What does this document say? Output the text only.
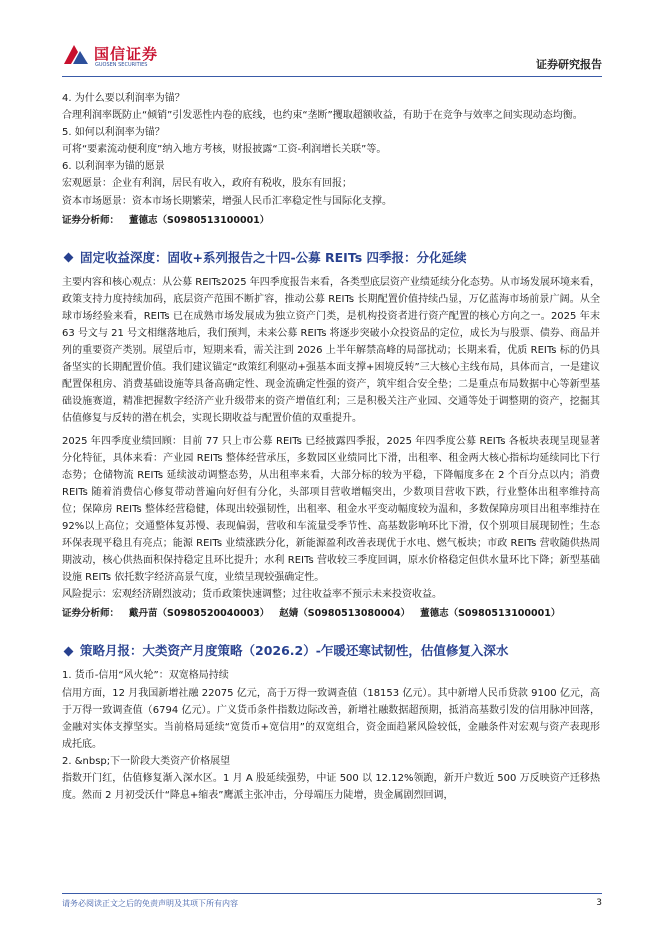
国信证券
GUOSEN SECURITIES	证券研究报告

4. 为什么要以利润率为锚？

合理利润率既防止“倾销”引发恶性内卷的底线，也约束“垄断”攫取超额收益，有助于在竞争与效率之间实现动态均衡。

5. 如何以利润率为锚？

可将“要素流动便利度”纳入地方考核，财报披露“工资-利润增长关联”等。

6. 以利润率为锚的愿景

宏观愿景：企业有利润，居民有收入，政府有税收，股东有回报；

资本市场愿景：资本市场长期繁荣，增强人民币汇率稳定性与国际化支撑。

证券分析师： 董德志（S0980513100001）
固定收益深度：固收+系列报告之十四-公募 REITs 四季报：分化延续

主要内容和核心观点：从公募 REITs2025 年四季度报告来看，各类型底层资产业绩延续分化态势。从市场发展环境来看，政策支持力度持续加码，底层资产范围不断扩容，推动公募 REITs 长期配置价值持续凸显，万亿蓝海市场前景广阔。从全球市场经验来看，REITs 已在成熟市场发展成为独立资产门类，是机构投资者进行资产配置的核心方向之一。2025 年末 63 号文与 21 号文相继落地后，我们预判，未来公募 REITs 将逐步突破小众投资品的定位，成长为与股票、债券、商品并列的重要资产类别。展望后市，短期来看，需关注到 2026 上半年解禁高峰的局部扰动；长期来看，优质 REITs 标的仍具备坚实的长期配置价值。我们建议锚定“政策红利驱动+强基本面支撑+困境反转”三大核心主线布局，具体而言，一是建议配置保租房、消费基础设施等具备高确定性、现金流确定性强的资产，筑牢组合安全垫；二是重点布局数据中心等新型基础设施赛道，精准把握数字经济产业升级带来的资产增值红利；三是积极关注产业园、交通等处于调整期的资产，挖掘其估值修复与反转的潜在机会，实现长期收益与配置价值的双重提升。

2025 年四季度业绩回顾：目前 77 只上市公募 REITs 已经披露四季报，2025 年四季度公募 REITs 各板块表现呈现显著分化特征，具体来看：产业园 REITs 整体经营承压，多数园区业绩同比下滑，出租率、租金两大核心指标均延续同比下行态势；仓储物流 REITs 延续波动调整态势，从出租率来看，大部分标的较为平稳，下降幅度多在 2 个百分点以内；消费 REITs 随着消费信心修复带动普遍向好但有分化，头部项目营收增幅突出，少数项目营收下跌，行业整体出租率维持高位；保障房 REITs 整体经营稳健，体现出较强韧性，出租率、租金水平变动幅度较为温和，多数保障房项目出租率维持在 92%以上高位；交通整体复苏慢、表现偏弱，营收和车流量受季节性、高基数影响环比下滑，仅个别项目展现韧性；生态环保表现平稳且有亮点；能源 REITs 业绩涨跌分化，新能源盈利改善表现优于水电、燃气板块；市政 REITs 营收随供热周期波动，核心供热面积保持稳定且环比提升；水利 REITs 营收较三季度回调，原水价格稳定但供水量环比下降；新型基础设施 REITs 依托数字经济高景气度，业绩呈现较强确定性。

风险提示：宏观经济剧烈波动；货币政策快速调整；过往收益率不预示未来投资收益。

证券分析师： 戴丹苗（S0980520040003） 赵婧（S0980513080004） 董德志（S0980513100001）
策略月报：大类资产月度策略（2026.2）-乍暖还寒试韧性，估值修复入深水

1. 货币-信用“风火轮”：双宽格局持续

信用方面，12 月我国新增社融 22075 亿元，高于万得一致调查值（18153 亿元）。其中新增人民币贷款 9100 亿元，高于万得一致调查值（6794 亿元）。广义货币条件指数边际改善，新增社融数据超预期，抵消高基数引发的信用脉冲回落，金融对实体支撑坚实。当前格局延续“宽货币+宽信用”的双宽组合，资金面趋紧风险较低，金融条件对宏观与资产表现形成托底。

2. &nbsp;下一阶段大类资产价格展望

指数开门红，估值修复渐入深水区。1 月 A 股延续强势，中证 500 以 12.12%领跑，新开户数近 500 万反映资产迁移热度。然而 2 月初受沃什“降息+缩表”鹰派主张冲击，分母端压力陡增，贵金属剧烈回调，

请务必阅读正文之后的免责声明及其项下所有内容	3
